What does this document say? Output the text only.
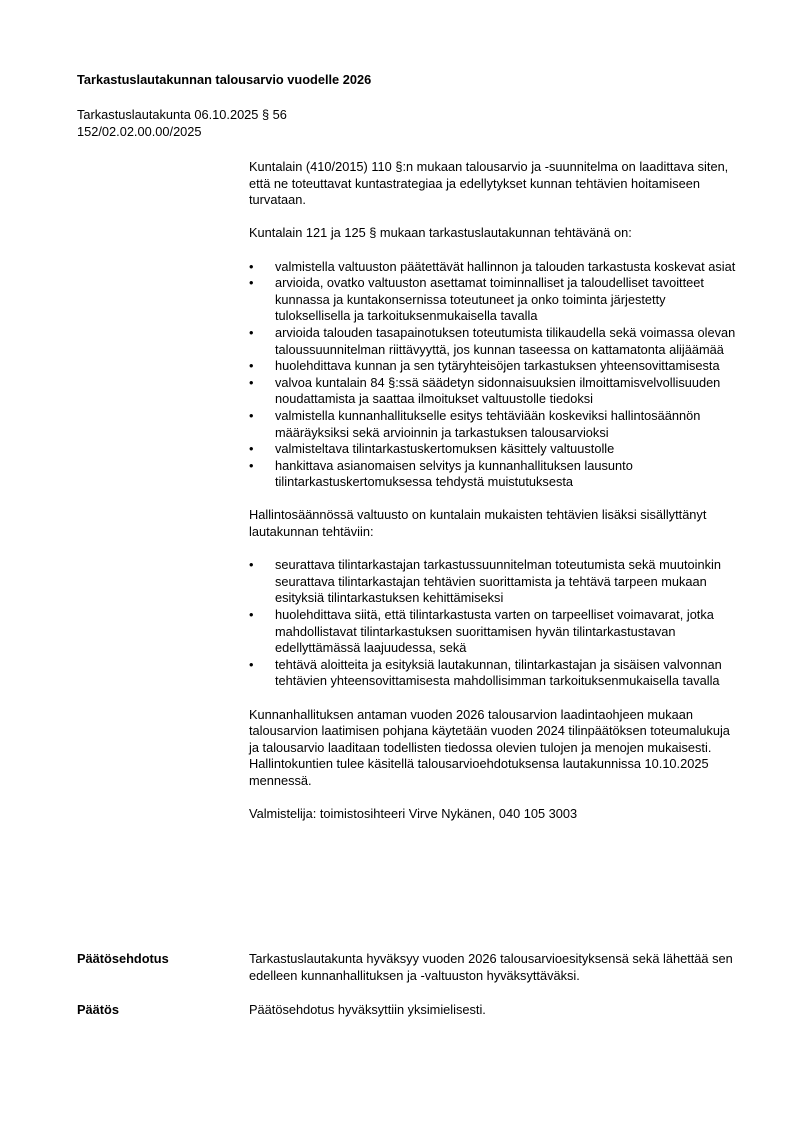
Tarkastuslautakunnan talousarvio vuodelle 2026
Tarkastuslautakunta 06.10.2025 § 56
152/02.02.00.00/2025

Kuntalain (410/2015) 110 §:n mukaan talousarvio ja -suunnitelma on laadittava siten, että ne toteuttavat kuntastrategiaa ja edellytykset kunnan tehtävien hoitamiseen turvataan.

Kuntalain 121 ja 125 § mukaan tarkastuslautakunnan tehtävänä on:

• valmistella valtuuston päätettävät hallinnon ja talouden tarkastusta koskevat asiat
• arvioida, ovatko valtuuston asettamat toiminnalliset ja taloudelliset tavoitteet kunnassa ja kuntakonsernissa toteutuneet ja onko toiminta järjestetty tuloksellisella ja tarkoituksenmukaisella tavalla
• arvioida talouden tasapainotuksen toteutumista tilikaudella sekä voimassa olevan taloussuunnitelman riittävyyttä, jos kunnan taseessa on kattamatonta alijäämää
• huolehdittava kunnan ja sen tytäryhteisöjen tarkastuksen yhteensovittamisesta
• valvoa kuntalain 84 §:ssä säädetyn sidonnaisuuksien ilmoittamisvelvollisuuden noudattamista ja saattaa ilmoitukset valtuustolle tiedoksi
• valmistella kunnanhallitukselle esitys tehtäviään koskeviksi hallintosäännön määräyksiksi sekä arvioinnin ja tarkastuksen talousarvioksi
• valmisteltava tilintarkastuskertomuksen käsittely valtuustolle
• hankittava asianomaisen selvitys ja kunnanhallituksen lausunto tilintarkastuskertomuksessa tehdystä muistutuksesta

Hallintosäännössä valtuusto on kuntalain mukaisten tehtävien lisäksi sisällyttänyt lautakunnan tehtäviin:

• seurattava tilintarkastajan tarkastussuunnitelman toteutumista sekä muutoinkin seurattava tilintarkastajan tehtävien suorittamista ja tehtävä tarpeen mukaan esityksiä tilintarkastuksen kehittämiseksi
• huolehdittava siitä, että tilintarkastusta varten on tarpeelliset voimavarat, jotka mahdollistavat tilintarkastuksen suorittamisen hyvän tilintarkastustavan edellyttämässä laajuudessa, sekä
• tehtävä aloitteita ja esityksiä lautakunnan, tilintarkastajan ja sisäisen valvonnan tehtävien yhteensovittamisesta mahdollisimman tarkoituksenmukaisella tavalla

Kunnanhallituksen antaman vuoden 2026 talousarvion laadintaohjeen mukaan talousarvion laatimisen pohjana käytetään vuoden 2024 tilinpäätöksen toteumalukuja ja talousarvio laaditaan todellisten tiedossa olevien tulojen ja menojen mukaisesti. Hallintokuntien tulee käsitellä talousarvioehdotuksensa lautakunnissa 10.10.2025 mennessä.

Valmistelija: toimistosihteeri Virve Nykänen, 040 105 3003

Päätösehdotus	Tarkastuslautakunta hyväksyy vuoden 2026 talousarvioesityksensä sekä lähettää sen edelleen kunnanhallituksen ja -valtuuston hyväksyttäväksi.
Päätös	Päätösehdotus hyväksyttiin yksimielisesti.
